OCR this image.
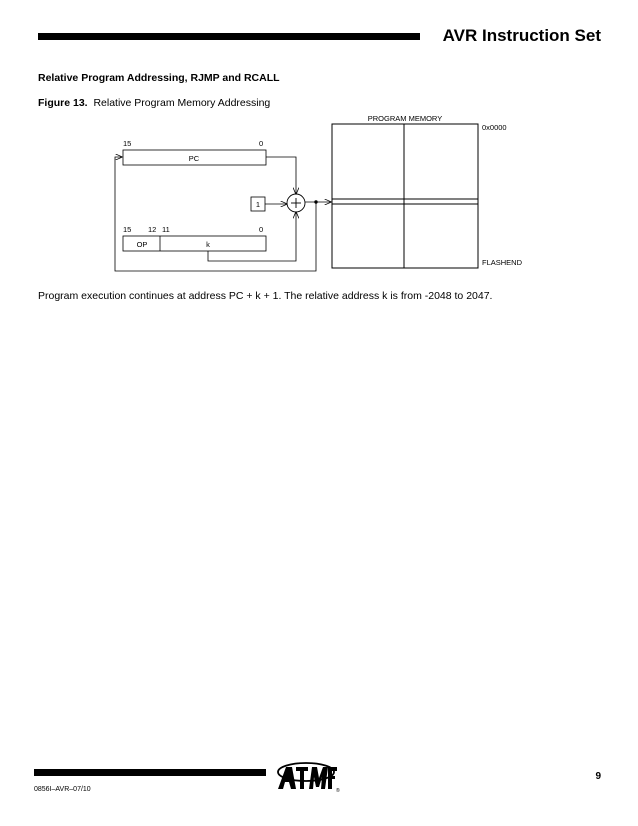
AVR Instruction Set
Relative Program Addressing, RJMP and RCALL
Figure 13. Relative Program Memory Addressing
PROGRAM MEMORY
0x0000
FLASHEND
15	0
PC
1
15 12 11	0
OP	k
Program execution continues at address PC + k + 1. The relative address k is from -2048 to 2047.
0856I–AVR–07/10	®
9
